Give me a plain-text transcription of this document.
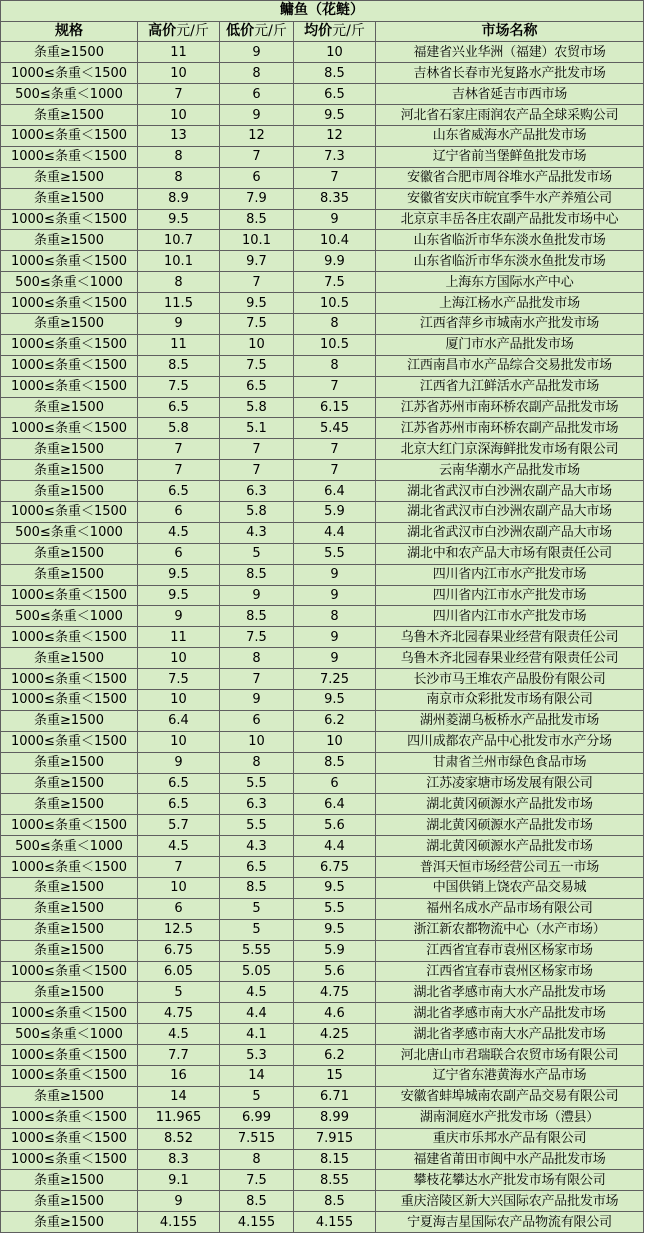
鳙鱼（花鲢）				
规格	高价元/斤	低价元/斤	均价元/斤	市场名称
条重≥1500	11	9	10	福建省兴业华洲（福建）农贸市场
1000≤条重＜1500	10	8	8.5	吉林省长春市光复路水产批发市场
500≤条重＜1000	7	6	6.5	吉林省延吉市西市场
条重≥1500	10	9	9.5	河北省石家庄雨润农产品全球采购公司
1000≤条重＜1500	13	12	12	山东省威海水产品批发市场
1000≤条重＜1500	8	7	7.3	辽宁省前当堡鲜鱼批发市场
条重≥1500	8	6	7	安徽省合肥市周谷堆水产品批发市场
条重≥1500	8.9	7.9	8.35	安徽省安庆市皖宜季牛水产养殖公司
1000≤条重＜1500	9.5	8.5	9	北京京丰岳各庄农副产品批发市场中心
条重≥1500	10.7	10.1	10.4	山东省临沂市华东淡水鱼批发市场
1000≤条重＜1500	10.1	9.7	9.9	山东省临沂市华东淡水鱼批发市场
500≤条重＜1000	8	7	7.5	上海东方国际水产中心
1000≤条重＜1500	11.5	9.5	10.5	上海江杨水产品批发市场
条重≥1500	9	7.5	8	江西省萍乡市城南水产批发市场
1000≤条重＜1500	11	10	10.5	厦门市水产品批发市场
1000≤条重＜1500	8.5	7.5	8	江西南昌市水产品综合交易批发市场
1000≤条重＜1500	7.5	6.5	7	江西省九江鲜活水产品批发市场
条重≥1500	6.5	5.8	6.15	江苏省苏州市南环桥农副产品批发市场
1000≤条重＜1500	5.8	5.1	5.45	江苏省苏州市南环桥农副产品批发市场
条重≥1500	7	7	7	北京大红门京深海鲜批发市场有限公司
条重≥1500	7	7	7	云南华潮水产品批发市场
条重≥1500	6.5	6.3	6.4	湖北省武汉市白沙洲农副产品大市场
1000≤条重＜1500	6	5.8	5.9	湖北省武汉市白沙洲农副产品大市场
500≤条重＜1000	4.5	4.3	4.4	湖北省武汉市白沙洲农副产品大市场
条重≥1500	6	5	5.5	湖北中和农产品大市场有限责任公司
条重≥1500	9.5	8.5	9	四川省内江市水产批发市场
1000≤条重＜1500	9.5	9	9	四川省内江市水产批发市场
500≤条重＜1000	9	8.5	8	四川省内江市水产批发市场
1000≤条重＜1500	11	7.5	9	乌鲁木齐北园春果业经营有限责任公司
条重≥1500	10	8	9	乌鲁木齐北园春果业经营有限责任公司
1000≤条重＜1500	7.5	7	7.25	长沙市马王堆农产品股份有限公司
1000≤条重＜1500	10	9	9.5	南京市众彩批发市场有限公司
条重≥1500	6.4	6	6.2	湖州菱湖乌板桥水产品批发市场
1000≤条重＜1500	10	10	10	四川成都农产品中心批发市水产分场
条重≥1500	9	8	8.5	甘肃省兰州市绿色食品市场
条重≥1500	6.5	5.5	6	江苏凌家塘市场发展有限公司
条重≥1500	6.5	6.3	6.4	湖北黄冈硕源水产品批发市场
1000≤条重＜1500	5.7	5.5	5.6	湖北黄冈硕源水产品批发市场
500≤条重＜1000	4.5	4.3	4.4	湖北黄冈硕源水产品批发市场
1000≤条重＜1500	7	6.5	6.75	普洱天恒市场经营公司五一市场
条重≥1500	10	8.5	9.5	中国供销上饶农产品交易城
条重≥1500	6	5	5.5	福州名成水产品市场有限公司
条重≥1500	12.5	5	9.5	浙江新农都物流中心（水产市场）
条重≥1500	6.75	5.55	5.9	江西省宜春市袁州区杨家市场
1000≤条重＜1500	6.05	5.05	5.6	江西省宜春市袁州区杨家市场
条重≥1500	5	4.5	4.75	湖北省孝感市南大水产品批发市场
1000≤条重＜1500	4.75	4.4	4.6	湖北省孝感市南大水产品批发市场
500≤条重＜1000	4.5	4.1	4.25	湖北省孝感市南大水产品批发市场
1000≤条重＜1500	7.7	5.3	6.2	河北唐山市君瑞联合农贸市场有限公司
1000≤条重＜1500	16	14	15	辽宁省东港黄海水产品市场
条重≥1500	14	5	6.71	安徽省蚌埠城南农副产品交易有限公司
1000≤条重＜1500	11.965	6.99	8.99	湖南洞庭水产批发市场（澧县）
1000≤条重＜1500	8.52	7.515	7.915	重庆市乐邦水产品有限公司
1000≤条重＜1500	8.3	8	8.15	福建省莆田市闽中水产品批发市场
条重≥1500	9.1	7.5	8.55	攀枝花攀达水产批发市场有限公司
条重≥1500	9	8.5	8.5	重庆涪陵区新大兴国际农产品批发市场
条重≥1500	4.155	4.155	4.155	宁夏海吉星国际农产品物流有限公司
